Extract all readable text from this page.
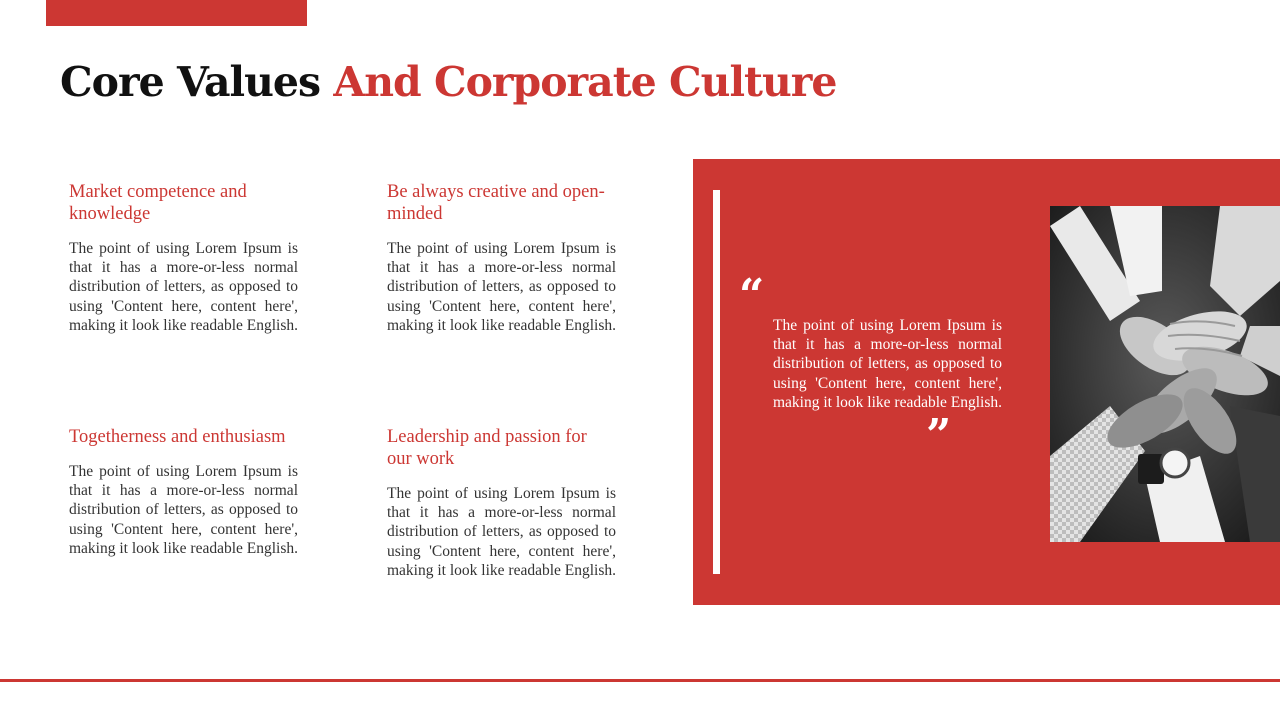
Core Values And Corporate Culture
Market competence and knowledge

The point of using Lorem Ipsum is that it has a more-or-less normal distribution of letters, as opposed to using 'Content here, content here', making it look like readable English.

Be always creative and open-minded

The point of using Lorem Ipsum is that it has a more-or-less normal distribution of letters, as opposed to using 'Content here, content here', making it look like readable English.

Togetherness and enthusiasm

The point of using Lorem Ipsum is that it has a more-or-less normal distribution of letters, as opposed to using 'Content here, content here', making it look like readable English.

Leadership and passion for our work

The point of using Lorem Ipsum is that it has a more-or-less normal distribution of letters, as opposed to using 'Content here, content here', making it look like readable English.

“

The point of using Lorem Ipsum is that it has a more-or-less normal distribution of letters, as opposed to using 'Content here, content here', making it look like readable English.

”
